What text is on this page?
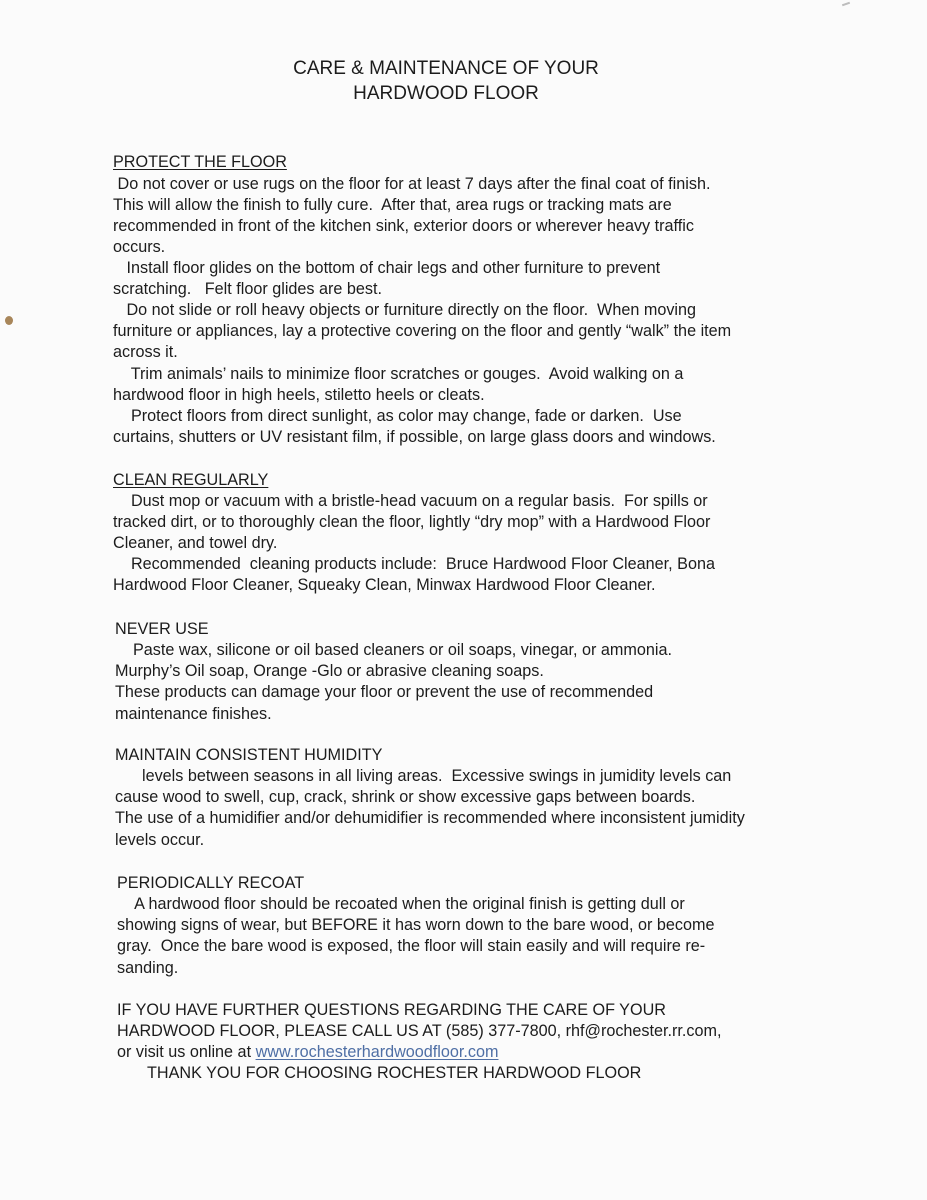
CARE & MAINTENANCE OF YOUR
HARDWOOD FLOOR
PROTECT THE FLOOR
Do not cover or use rugs on the floor for at least 7 days after the final coat of finish.
This will allow the finish to fully cure.  After that, area rugs or tracking mats are
recommended in front of the kitchen sink, exterior doors or wherever heavy traffic
occurs.
Install floor glides on the bottom of chair legs and other furniture to prevent
scratching.   Felt floor glides are best.
Do not slide or roll heavy objects or furniture directly on the floor.  When moving
furniture or appliances, lay a protective covering on the floor and gently “walk” the item
across it.
Trim animals’ nails to minimize floor scratches or gouges.  Avoid walking on a
hardwood floor in high heels, stiletto heels or cleats.
Protect floors from direct sunlight, as color may change, fade or darken.  Use
curtains, shutters or UV resistant film, if possible, on large glass doors and windows.
CLEAN REGULARLY
Dust mop or vacuum with a bristle-head vacuum on a regular basis.  For spills or
tracked dirt, or to thoroughly clean the floor, lightly “dry mop” with a Hardwood Floor
Cleaner, and towel dry.
Recommended  cleaning products include:  Bruce Hardwood Floor Cleaner, Bona
Hardwood Floor Cleaner, Squeaky Clean, Minwax Hardwood Floor Cleaner.
NEVER USE
Paste wax, silicone or oil based cleaners or oil soaps, vinegar, or ammonia.
Murphy’s Oil soap, Orange -Glo or abrasive cleaning soaps.
These products can damage your floor or prevent the use of recommended
maintenance finishes.
MAINTAIN CONSISTENT HUMIDITY
levels between seasons in all living areas.  Excessive swings in jumidity levels can
cause wood to swell, cup, crack, shrink or show excessive gaps between boards.
The use of a humidifier and/or dehumidifier is recommended where inconsistent jumidity
levels occur.
PERIODICALLY RECOAT
A hardwood floor should be recoated when the original finish is getting dull or
showing signs of wear, but BEFORE it has worn down to the bare wood, or become
gray.  Once the bare wood is exposed, the floor will stain easily and will require re-
sanding.
IF YOU HAVE FURTHER QUESTIONS REGARDING THE CARE OF YOUR
HARDWOOD FLOOR, PLEASE CALL US AT (585) 377-7800, rhf@rochester.rr.com,
or visit us online at www.rochesterhardwoodfloor.com
THANK YOU FOR CHOOSING ROCHESTER HARDWOOD FLOOR
